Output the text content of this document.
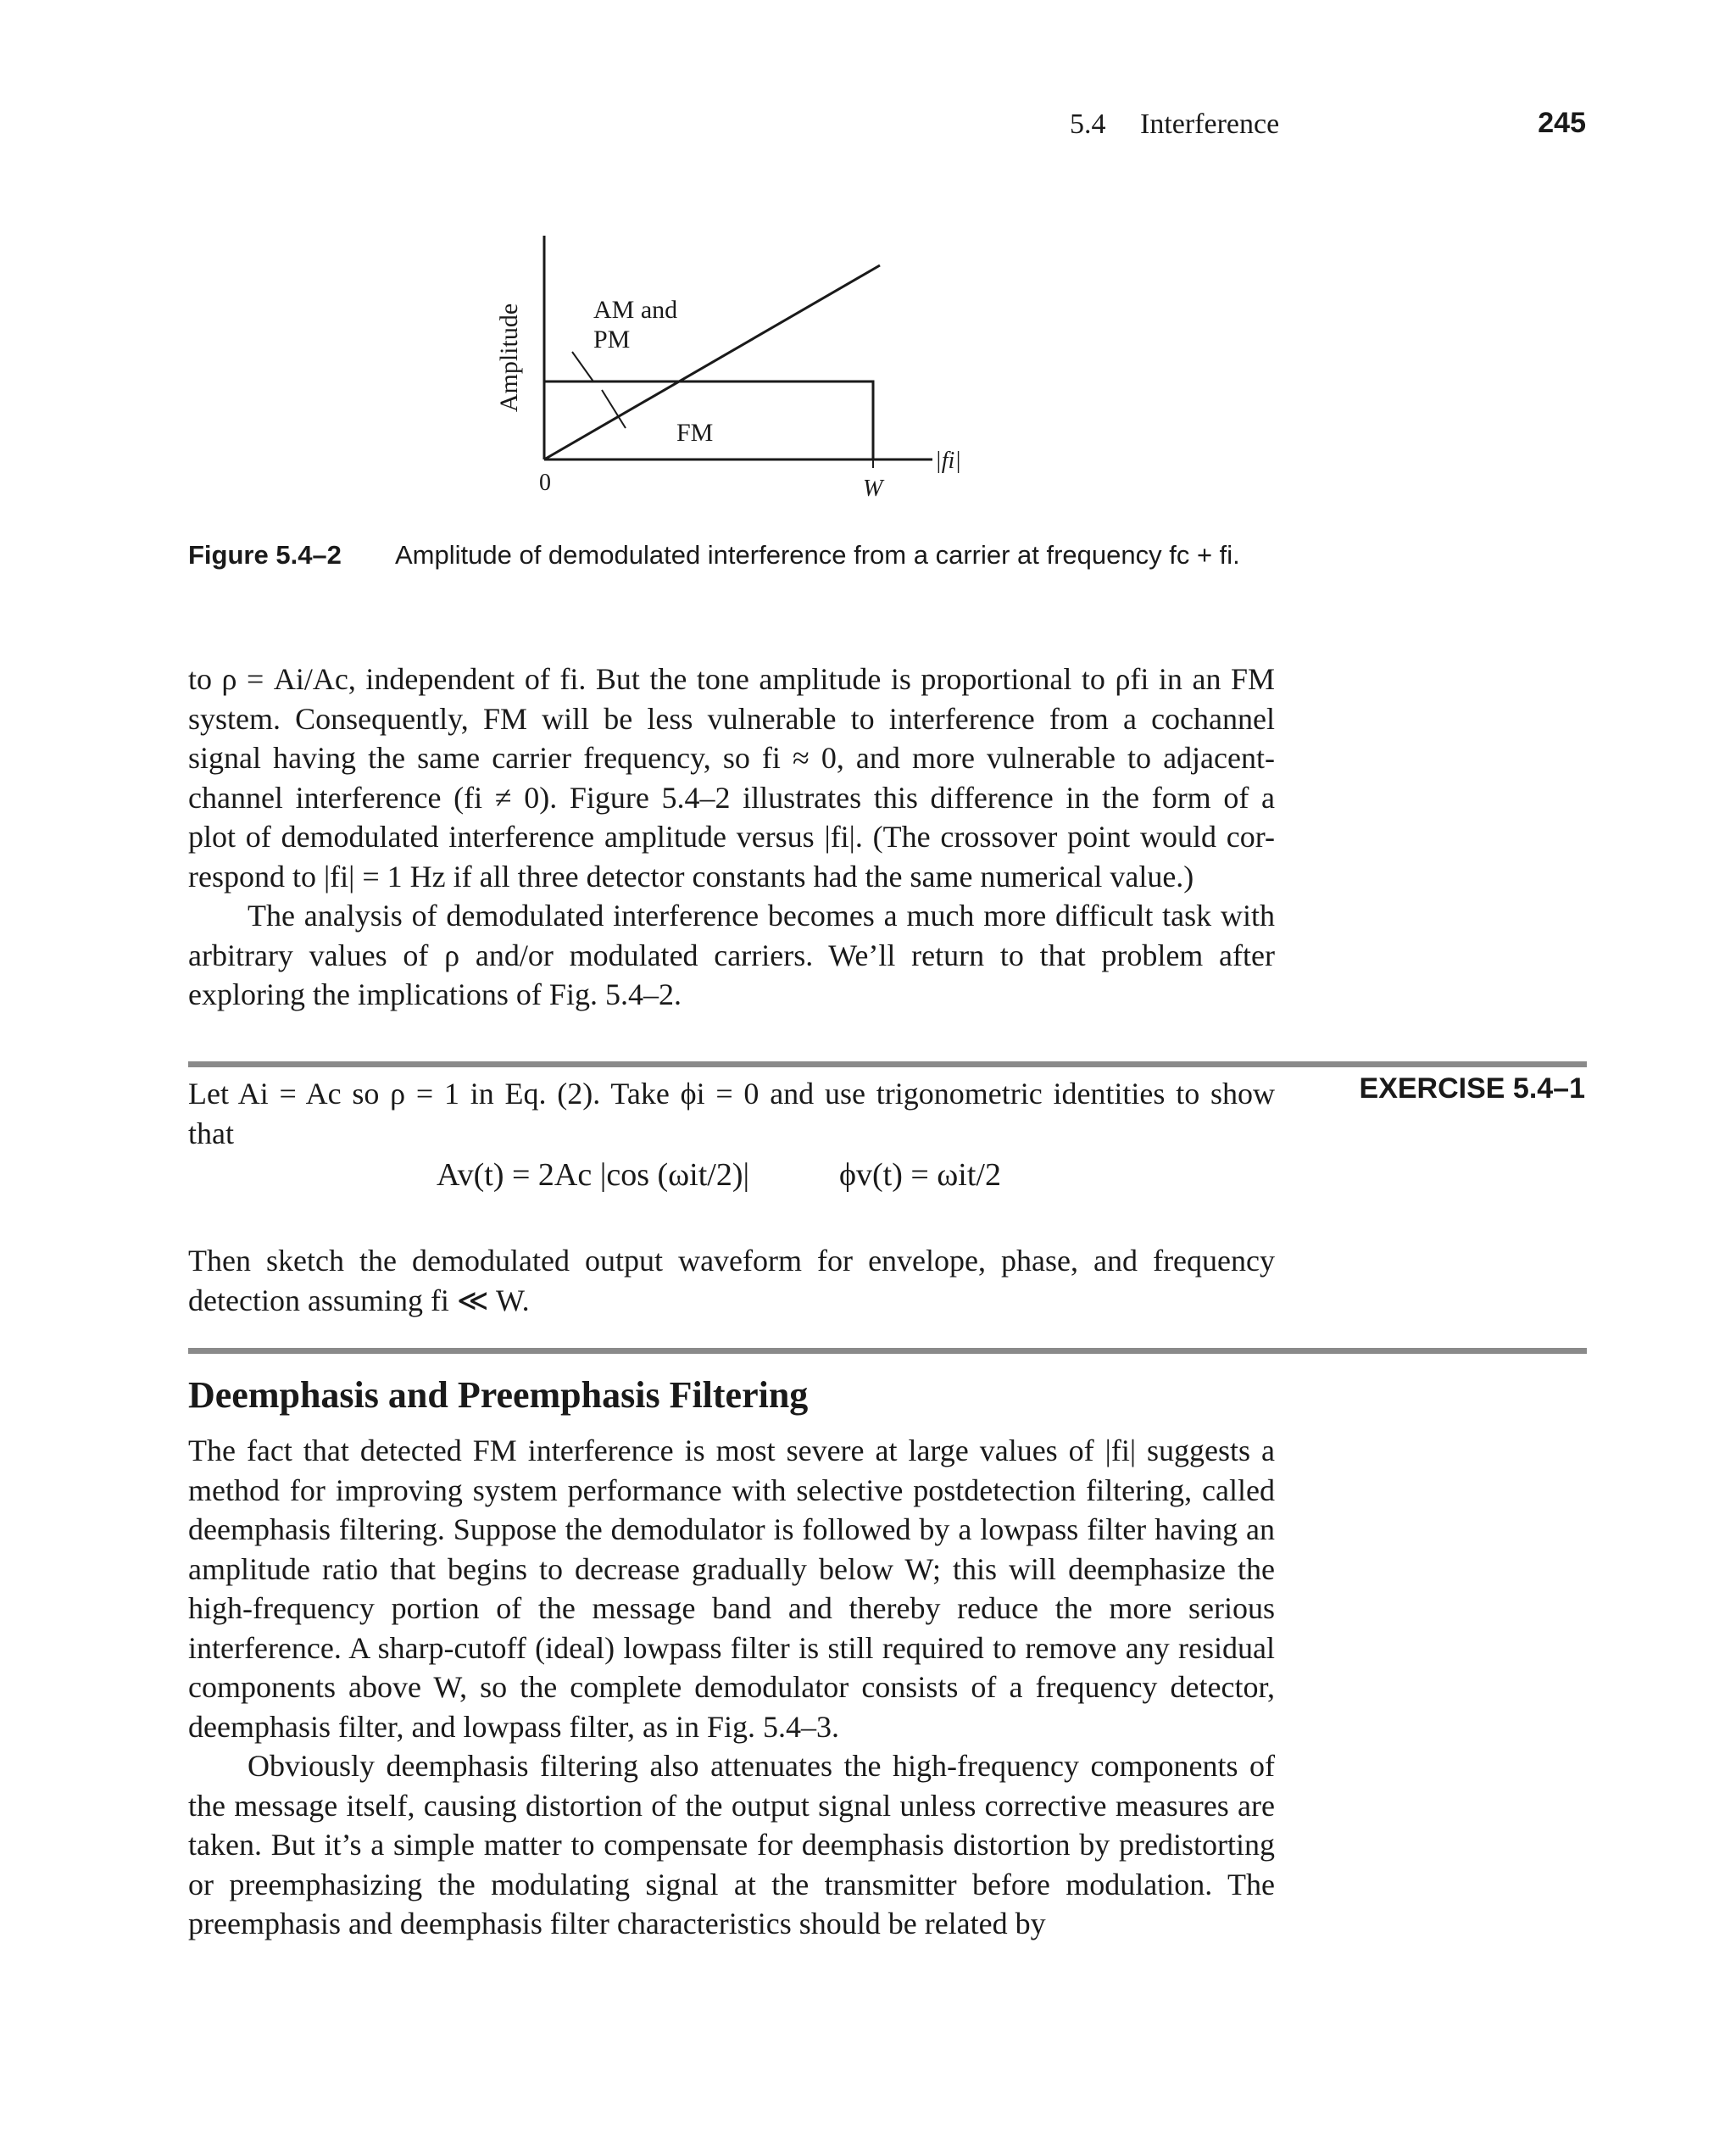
5.4 Interference	245
Amplitude	AM and
PM
FM
0	W
|fi|
Figure 5.4–2 Amplitude of demodulated interference from a carrier at frequency fc + fi.
to ρ = Ai/Ac, independent of fi. But the tone amplitude is proportional to ρfi in an FM
system. Consequently, FM will be less vulnerable to interference from a cochannel
signal having the same carrier frequency, so fi ≈ 0, and more vulnerable to adjacent-
channel interference (fi ≠ 0). Figure 5.4–2 illustrates this difference in the form of a
plot of demodulated interference amplitude versus |fi|. (The crossover point would cor-
respond to |fi| = 1 Hz if all three detector constants had the same numerical value.)

The analysis of demodulated interference becomes a much more difficult task with arbitrary values of ρ and/or modulated carriers. We’ll return to that problem after exploring the implications of Fig. 5.4–2.

EXERCISE 5.4–1
Let Ai = Ac so ρ = 1 in Eq. (2). Take ϕi = 0 and use trigonometric identities to show
that
Av(t) = 2Ac |cos (ωit/2)|	ϕv(t) = ωit/2

Then sketch the demodulated output waveform for envelope, phase, and frequency detection assuming fi ≪ W.

Deemphasis and Preemphasis Filtering

The fact that detected FM interference is most severe at large values of |fi| suggests a method for improving system performance with selective postdetection filtering, called deemphasis filtering. Suppose the demodulator is followed by a lowpass filter having an amplitude ratio that begins to decrease gradually below W; this will deemphasize the high-frequency portion of the message band and thereby reduce the more serious interference. A sharp-cutoff (ideal) lowpass filter is still required to remove any residual components above W, so the complete demodulator consists of a frequency detector, deemphasis filter, and lowpass filter, as in Fig. 5.4–3.

Obviously deemphasis filtering also attenuates the high-frequency components of the message itself, causing distortion of the output signal unless corrective measures are taken. But it’s a simple matter to compensate for deemphasis distortion by predistorting or preemphasizing the modulating signal at the transmitter before modulation. The preemphasis and deemphasis filter characteristics should be related by
